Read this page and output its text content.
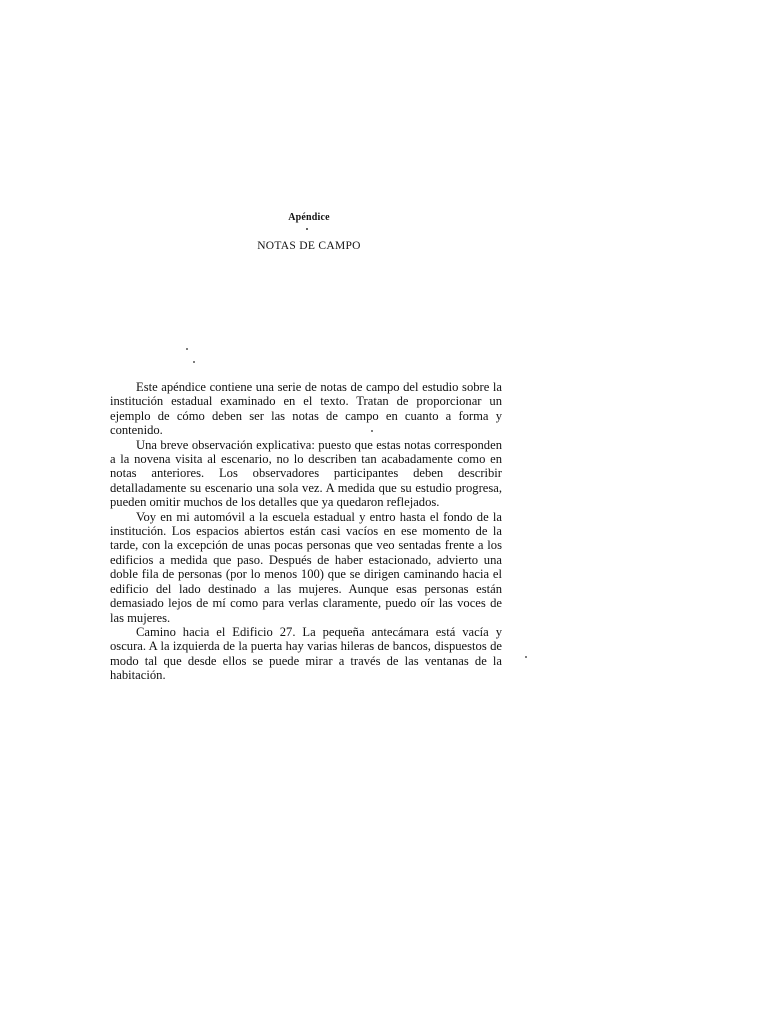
Apéndice
NOTAS DE CAMPO

Este apéndice contiene una serie de notas de campo del estudio sobre la institución estadual examinado en el texto. Tratan de proporcionar un ejemplo de cómo deben ser las notas de campo en cuanto a forma y contenido.

Una breve observación explicativa: puesto que estas notas corresponden a la novena visita al escenario, no lo describen tan acabadamente como en notas anteriores. Los observadores participantes deben describir detalladamente su escenario una sola vez. A medida que su estudio progresa, pueden omitir muchos de los detalles que ya quedaron reflejados.

Voy en mi automóvil a la escuela estadual y entro hasta el fondo de la institución. Los espacios abiertos están casi vacíos en ese momento de la tarde, con la excepción de unas pocas personas que veo sentadas frente a los edificios a medida que paso. Después de haber estacionado, advierto una doble fila de personas (por lo menos 100) que se dirigen caminando hacia el edificio del lado destinado a las mujeres. Aunque esas personas están demasiado lejos de mí como para verlas claramente, puedo oír las voces de las mujeres.

Camino hacia el Edificio 27. La pequeña antecámara está vacía y oscura. A la izquierda de la puerta hay varias hileras de bancos, dispuestos de modo tal que desde ellos se puede mirar a través de las ventanas de la habitación.
